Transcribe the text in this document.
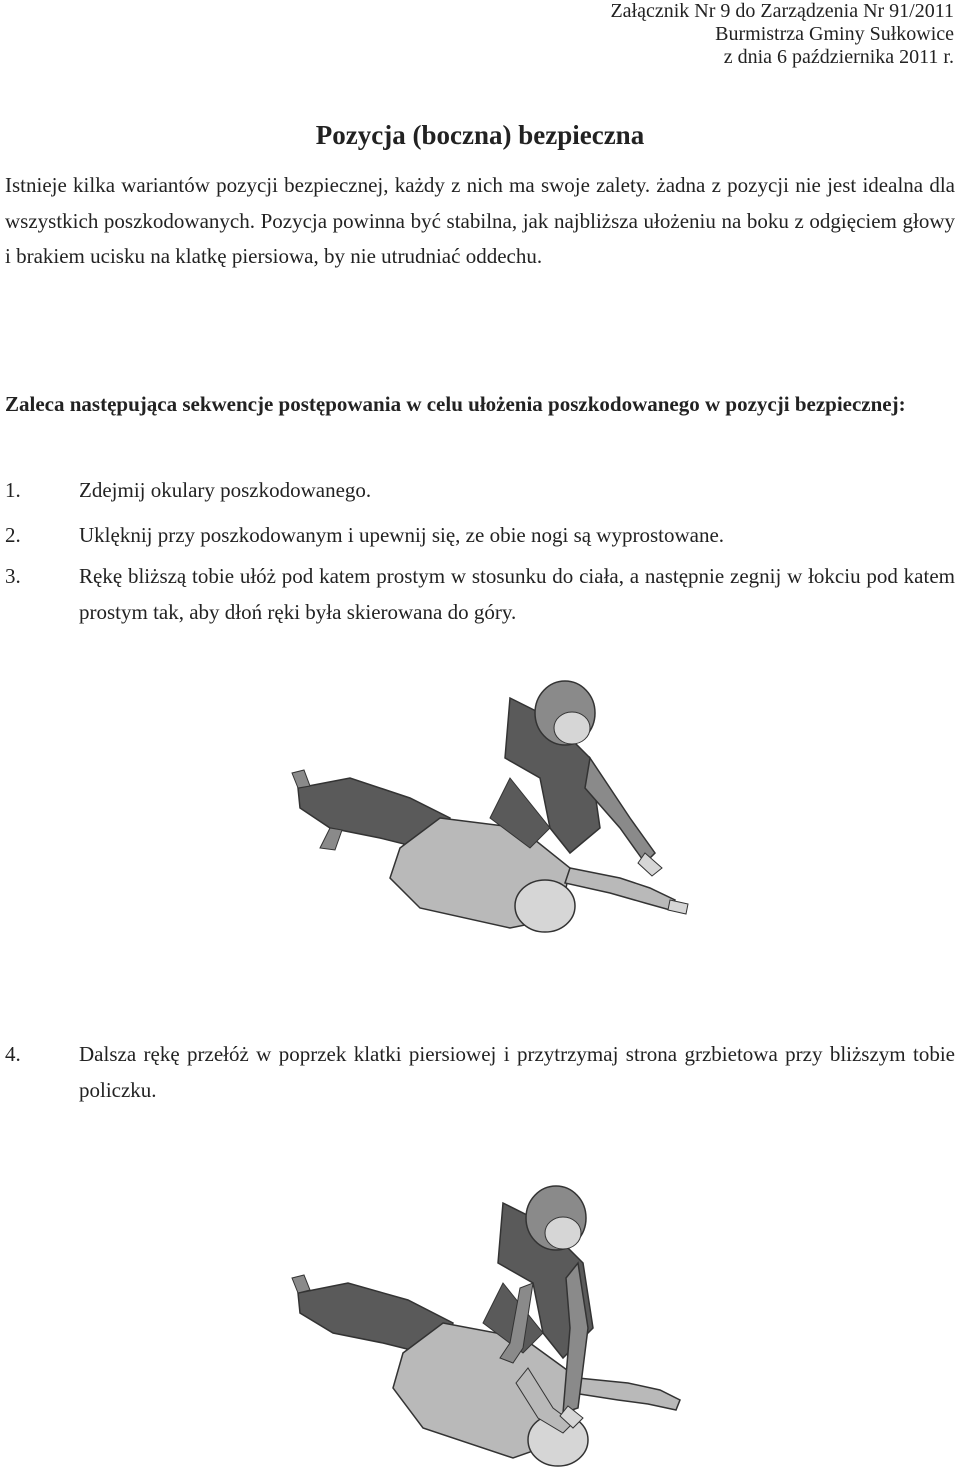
Załącznik Nr 9 do Zarządzenia Nr 91/2011
Burmistrza Gminy Sułkowice
z dnia 6 października 2011 r.
Pozycja (boczna) bezpieczna

Istnieje kilka wariantów pozycji bezpiecznej, każdy z nich ma swoje zalety. żadna z pozycji nie jest idealna dla wszystkich poszkodowanych. Pozycja powinna być stabilna, jak najbliższa ułożeniu na boku z odgięciem głowy i brakiem ucisku na klatkę piersiowa, by nie utrudniać oddechu.

Zaleca następująca sekwencje postępowania w celu ułożenia poszkodowanego w pozycji bezpiecznej:

1.	Zdejmij okulary poszkodowanego.
2.	Uklęknij przy poszkodowanym i upewnij się, ze obie nogi są wyprostowane.
3.	Rękę bliższą tobie ułóż pod katem prostym w stosunku do ciała, a następnie zegnij w łokciu pod katem prostym tak, aby dłoń ręki była skierowana do góry.
4.	Dalsza rękę przełóż w poprzek klatki piersiowej i przytrzymaj strona grzbietowa przy bliższym tobie policzku.
